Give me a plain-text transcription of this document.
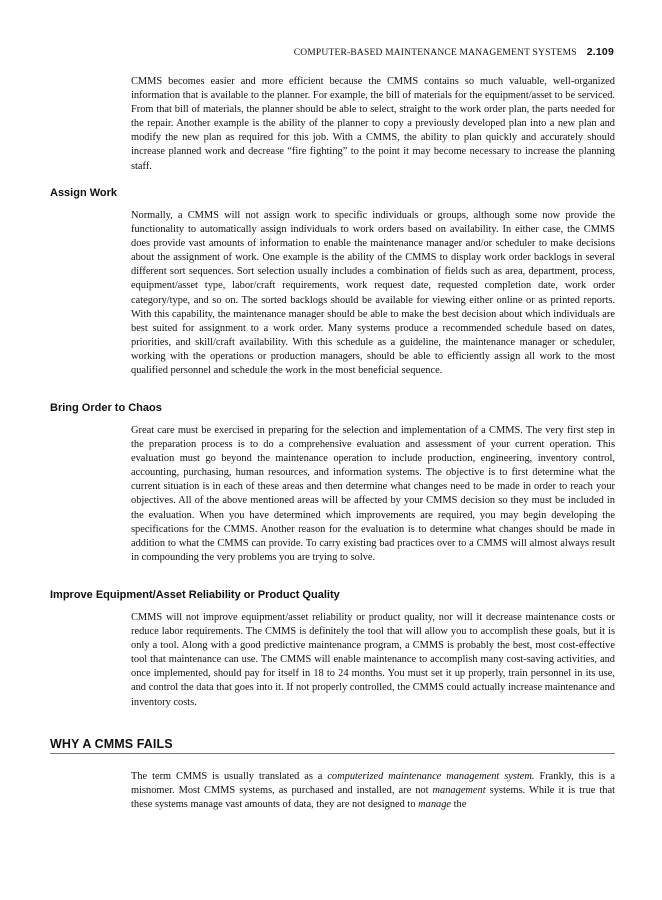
COMPUTER-BASED MAINTENANCE MANAGEMENT SYSTEMS 2.109

CMMS becomes easier and more efficient because the CMMS contains so much valuable, well-organized information that is available to the planner. For example, the bill of materials for the equipment/asset to be serviced. From that bill of materials, the planner should be able to select, straight to the work order plan, the parts needed for the repair. Another example is the ability of the planner to copy a previously developed plan into a new plan and modify the new plan as required for this job. With a CMMS, the ability to plan quickly and accurately should increase planned work and decrease “fire fighting” to the point it may become necessary to increase the planning staff.

Assign Work

Normally, a CMMS will not assign work to specific individuals or groups, although some now provide the functionality to automatically assign individuals to work orders based on availability. In either case, the CMMS does provide vast amounts of information to enable the maintenance manager and/or scheduler to make decisions about the assignment of work. One example is the ability of the CMMS to display work order backlogs in several different sort sequences. Sort selection usually includes a combination of fields such as area, department, process, equipment/asset type, labor/craft requirements, work request date, requested completion date, work order category/type, and so on. The sorted backlogs should be available for viewing either online or as printed reports. With this capability, the maintenance manager should be able to make the best decision about which individuals are best suited for assignment to a work order. Many systems produce a recommended schedule based on dates, priorities, and skill/craft availability. With this schedule as a guideline, the maintenance manager or scheduler, working with the operations or production managers, should be able to efficiently assign all work to the most qualified personnel and schedule the work in the most beneficial sequence.

Bring Order to Chaos

Great care must be exercised in preparing for the selection and implementation of a CMMS. The very first step in the preparation process is to do a comprehensive evaluation and assessment of your current operation. This evaluation must go beyond the maintenance operation to include production, engineering, inventory control, accounting, purchasing, human resources, and information systems. The objective is to first determine what the current situation is in each of these areas and then determine what changes need to be made in order to reach your objectives. All of the above mentioned areas will be affected by your CMMS decision so they must be included in the evaluation. When you have determined which improvements are required, you may begin developing the specifications for the CMMS. Another reason for the evaluation is to determine what changes should be made in addition to what the CMMS can provide. To carry existing bad practices over to a CMMS will almost always result in compounding the very problems you are trying to solve.

Improve Equipment/Asset Reliability or Product Quality

CMMS will not improve equipment/asset reliability or product quality, nor will it decrease maintenance costs or reduce labor requirements. The CMMS is definitely the tool that will allow you to accomplish these goals, but it is only a tool. Along with a good predictive maintenance program, a CMMS is probably the best, most cost-effective tool that maintenance can use. The CMMS will enable maintenance to accomplish many cost-saving activities, and once implemented, should pay for itself in 18 to 24 months. You must set it up properly, train personnel in its use, and control the data that goes into it. If not properly controlled, the CMMS could actually increase maintenance and inventory costs.

WHY A CMMS FAILS

The term CMMS is usually translated as a computerized maintenance management system. Frankly, this is a misnomer. Most CMMS systems, as purchased and installed, are not management systems. While it is true that these systems manage vast amounts of data, they are not designed to manage the
